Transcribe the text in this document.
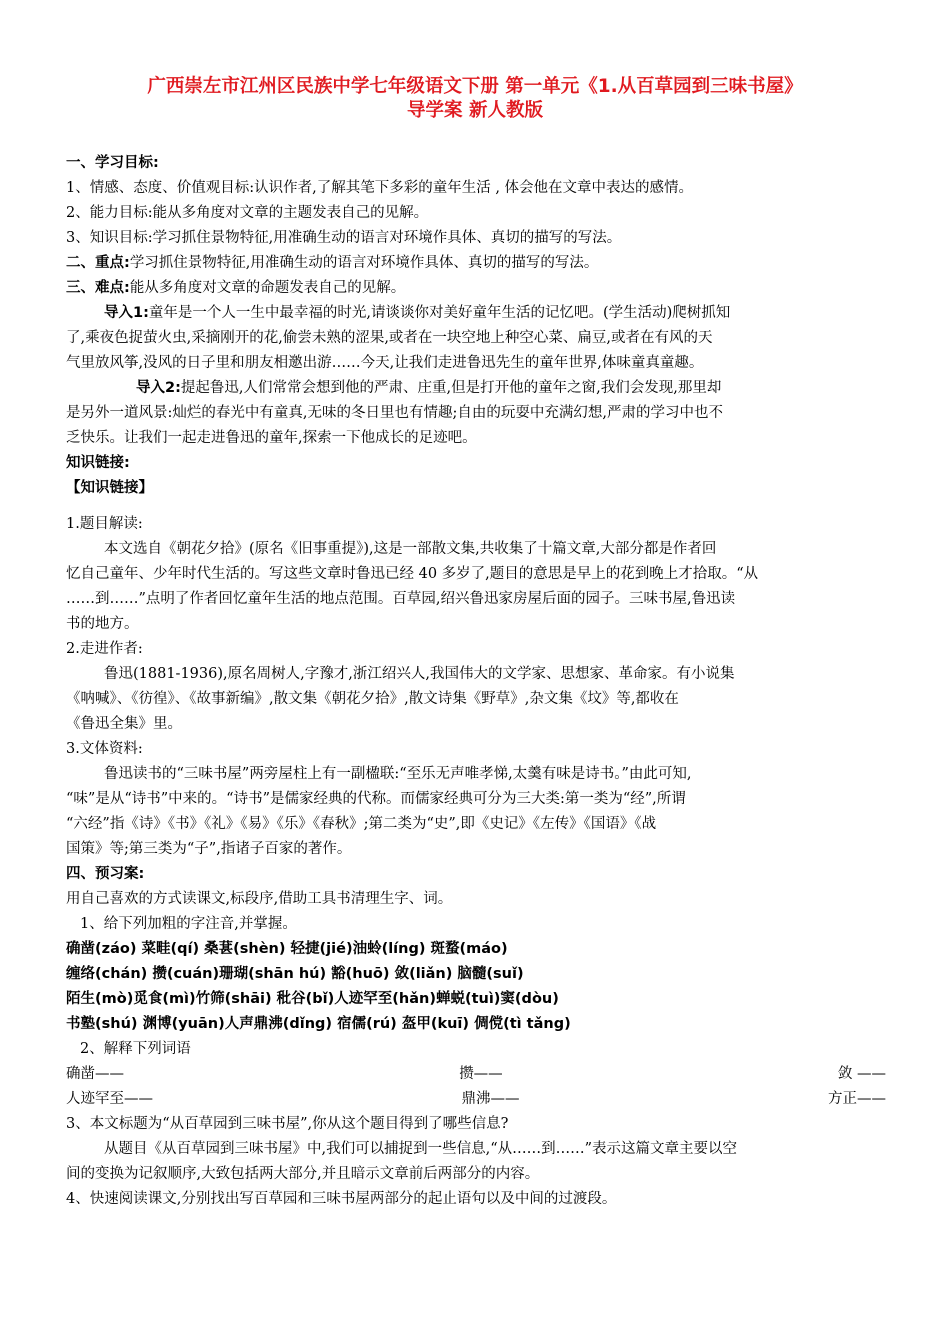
广西崇左市江州区民族中学七年级语文下册 第一单元《1.从百草园到三味书屋》
导学案 新人教版
一、学习目标:
1、情感、态度、价值观目标:认识作者,了解其笔下多彩的童年生活 , 体会他在文章中表达的感情。
2、能力目标:能从多角度对文章的主题发表自己的见解。
3、知识目标:学习抓住景物特征,用准确生动的语言对环境作具体、真切的描写的写法。
二、重点:学习抓住景物特征,用准确生动的语言对环境作具体、真切的描写的写法。
三、难点:能从多角度对文章的命题发表自己的见解。
导入1:童年是一个人一生中最幸福的时光,请谈谈你对美好童年生活的记忆吧。(学生活动)爬树抓知
了,乘夜色捉萤火虫,采摘刚开的花,偷尝未熟的涩果,或者在一块空地上种空心菜、扁豆,或者在有风的天
气里放风筝,没风的日子里和朋友相邀出游……今天,让我们走进鲁迅先生的童年世界,体味童真童趣。
导入2:提起鲁迅,人们常常会想到他的严肃、庄重,但是打开他的童年之窗,我们会发现,那里却
是另外一道风景:灿烂的春光中有童真,无味的冬日里也有情趣;自由的玩耍中充满幻想,严肃的学习中也不
乏快乐。让我们一起走进鲁迅的童年,探索一下他成长的足迹吧。
知识链接:
【知识链接】
1.题目解读:
本文选自《朝花夕拾》(原名《旧事重提》),这是一部散文集,共收集了十篇文章,大部分都是作者回
忆自己童年、少年时代生活的。写这些文章时鲁迅已经 40 多岁了,题目的意思是早上的花到晚上才拾取。“从
……到……”点明了作者回忆童年生活的地点范围。百草园,绍兴鲁迅家房屋后面的园子。三味书屋,鲁迅读
书的地方。
2.走进作者:
鲁迅(1881-1936),原名周树人,字豫才,浙江绍兴人,我国伟大的文学家、思想家、革命家。有小说集
《呐喊》、《彷徨》、《故事新编》,散文集《朝花夕拾》,散文诗集《野草》,杂文集《坟》等,都收在
《鲁迅全集》里。
3.文体资料:
鲁迅读书的“三味书屋”两旁屋柱上有一副楹联:“至乐无声唯孝悌,太羹有味是诗书。”由此可知,
“味”是从“诗书”中来的。“诗书”是儒家经典的代称。而儒家经典可分为三大类:第一类为“经”,所谓
“六经”指《诗》《书》《礼》《易》《乐》《春秋》;第二类为“史”,即《史记》《左传》《国语》《战
国策》等;第三类为“子”,指诸子百家的著作。
四、预习案:
用自己喜欢的方式读课文,标段序,借助工具书清理生字、词。
1、给下列加粗的字注音,并掌握。
确凿(záo) 菜畦(qí) 桑葚(shèn) 轻捷(jié)油蛉(líng) 斑蝥(máo)
缠络(chán) 攒(cuán)珊瑚(shān hú) 豁(huō) 敛(liǎn) 脑髓(suǐ)
陌生(mò)觅食(mì)竹筛(shāi) 秕谷(bǐ)人迹罕至(hǎn)蝉蜕(tuì)窦(dòu)
书塾(shú) 渊博(yuān)人声鼎沸(dǐng) 宿儒(rú) 盔甲(kuī) 倜傥(tì tǎng)
2、解释下列词语
确凿——	攒——	敛 ——
人迹罕至——	鼎沸——	方正——
3、本文标题为“从百草园到三味书屋”,你从这个题目得到了哪些信息?
从题目《从百草园到三味书屋》中,我们可以捕捉到一些信息,“从……到……”表示这篇文章主要以空
间的变换为记叙顺序,大致包括两大部分,并且暗示文章前后两部分的内容。
4、快速阅读课文,分别找出写百草园和三味书屋两部分的起止语句以及中间的过渡段。
